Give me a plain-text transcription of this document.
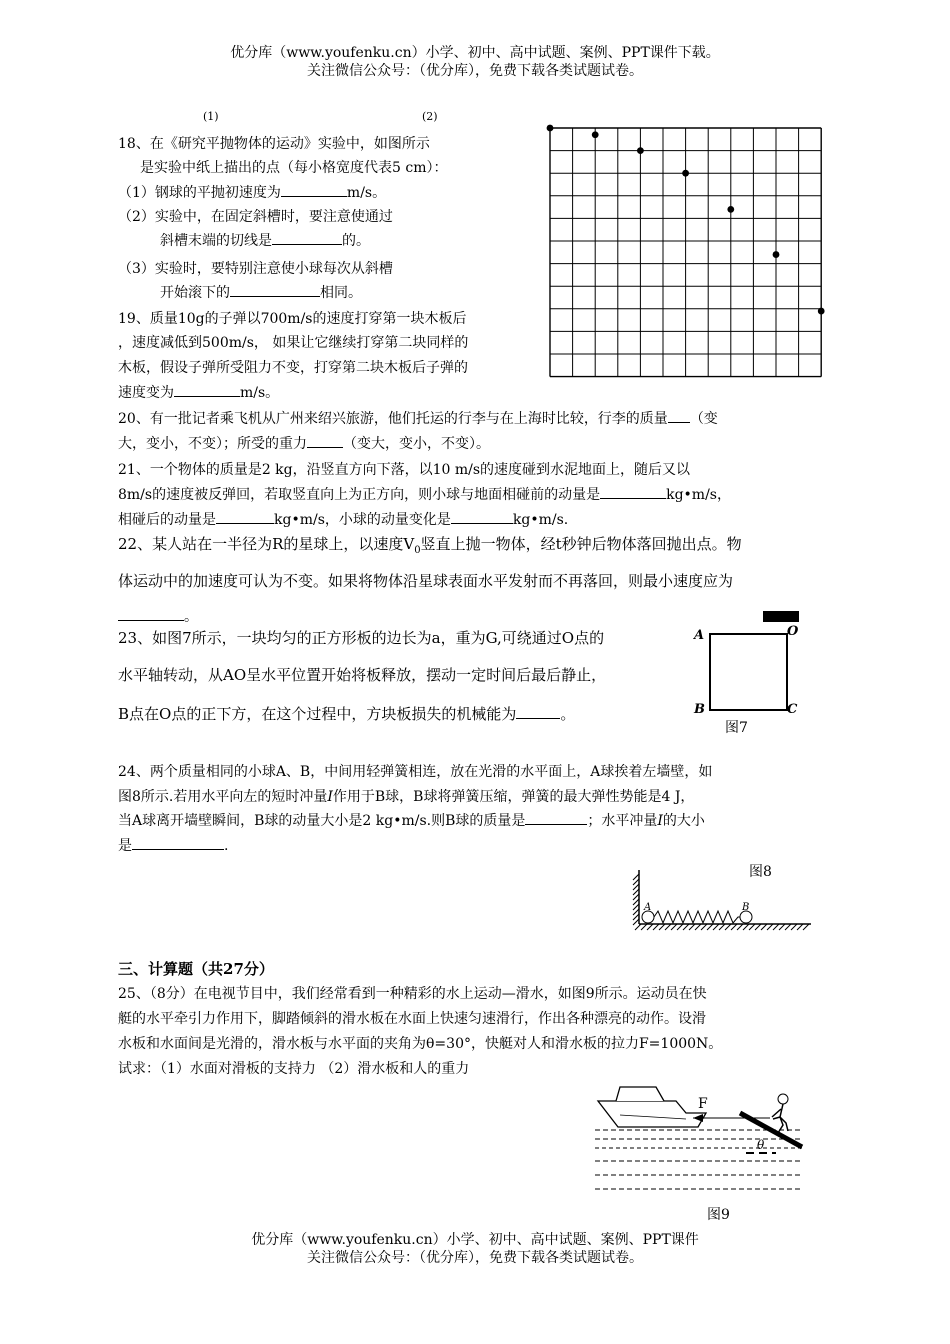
优分库（www.youfenku.cn）小学、初中、高中试题、案例、PPT课件下载。
关注微信公众号：（优分库），免费下载各类试题试卷。
(1)	(2)
18、在《研究平抛物体的运动》实验中，如图所示
是实验中纸上描出的点（每小格宽度代表5 cm）：
（1）钢球的平抛初速度为	m/s。
（2）实验中，在固定斜槽时，要注意使通过
斜槽末端的切线是	的。
（3）实验时，要特别注意使小球每次从斜槽
开始滚下的	相同。
19、质量10g的子弹以700m/s的速度打穿第一块木板后
，速度减低到500m/s， 如果让它继续打穿第二块同样的
木板，假设子弹所受阻力不变，打穿第二块木板后子弹的
速度变为	m/s。
20、有一批记者乘飞机从广州来绍兴旅游，他们托运的行李与在上海时比较，行李的质量 （变
大，变小，不变）；所受的重力	（变大，变小，不变）。
21、一个物体的质量是2 kg，沿竖直方向下落，以10 m/s的速度碰到水泥地面上，随后又以
8m/s的速度被反弹回，若取竖直向上为正方向，则小球与地面相碰前的动量是	kg•m/s，
相碰后的动量是	kg•m/s，小球的动量变化是	kg•m/s.
22、某人站在一半径为R的星球上，以速度$V_0$竖直上抛一物体，经t秒钟后物体落回抛出点。物
体运动中的加速度可认为不变。如果将物体沿星球表面水平发射而不再落回，则最小速度应为
。
23、如图7所示，一块均匀的正方形板的边长为a，重为G,可绕通过O点的
水平轴转动，从AO呈水平位置开始将板释放，摆动一定时间后最后静止，
B点在O点的正下方，在这个过程中，方块板损失的机械能为	。
A	O
B	C
图7
24、两个质量相同的小球A、B，中间用轻弹簧相连，放在光滑的水平面上，A球挨着左墙壁，如
图8所示.若用水平向左的短时冲量I作用于B球，B球将弹簧压缩，弹簧的最大弹性势能是4 J，
当A球离开墙壁瞬间，B球的动量大小是2 kg•m/s.则B球的质量是	；水平冲量I的大小
是	.
图8
A	B
三、计算题（共27分）
25、（8分）在电视节目中，我们经常看到一种精彩的水上运动—滑水，如图9所示。运动员在快
艇的水平牵引力作用下，脚踏倾斜的滑水板在水面上快速匀速滑行，作出各种漂亮的动作。设滑
水板和水面间是光滑的，滑水板与水平面的夹角为θ=30°，快艇对人和滑水板的拉力F=1000N。
试求：（1）水面对滑板的支持力 （2）滑水板和人的重力
F
θ
图9
优分库（www.youfenku.cn）小学、初中、高中试题、案例、PPT课件
关注微信公众号：（优分库），免费下载各类试题试卷。
